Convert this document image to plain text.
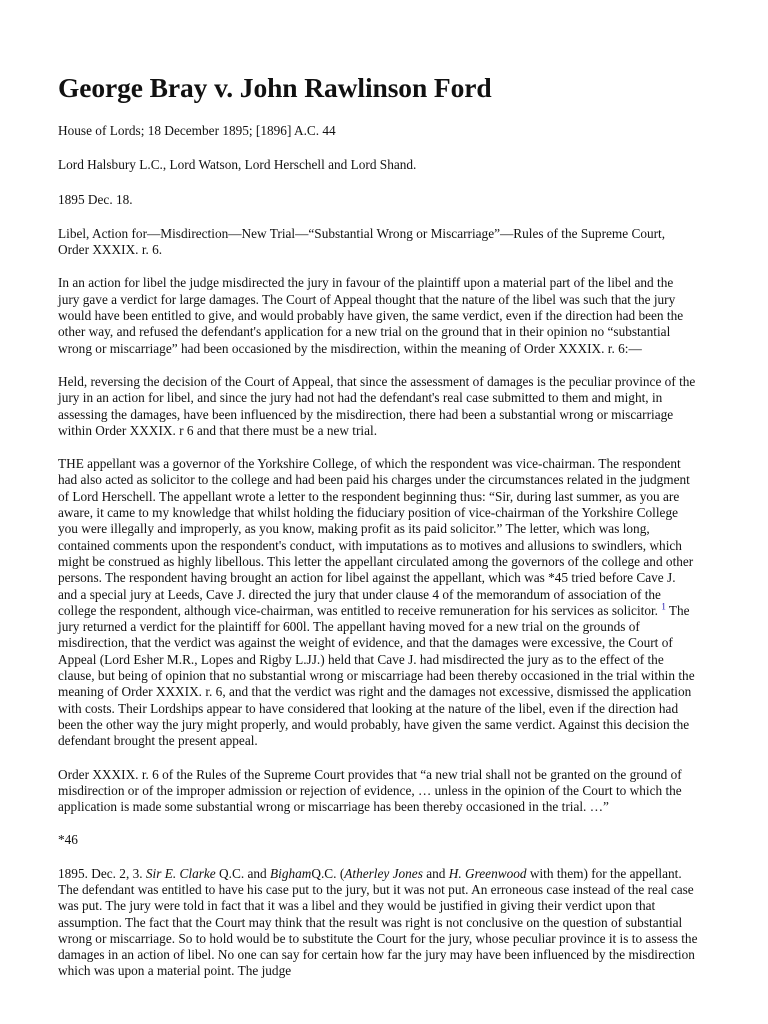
George Bray v. John Rawlinson Ford

House of Lords; 18 December 1895; [1896] A.C. 44

Lord Halsbury L.C., Lord Watson, Lord Herschell and Lord Shand.

1895 Dec. 18.

Libel, Action for—Misdirection—New Trial—“Substantial Wrong or Miscarriage”—Rules of the Supreme Court, Order XXXIX. r. 6.

In an action for libel the judge misdirected the jury in favour of the plaintiff upon a material part of the libel and the jury gave a verdict for large damages. The Court of Appeal thought that the nature of the libel was such that the jury would have been entitled to give, and would probably have given, the same verdict, even if the direction had been the other way, and refused the defendant's application for a new trial on the ground that in their opinion no “substantial wrong or miscarriage” had been occasioned by the misdirection, within the meaning of Order XXXIX. r. 6:—

Held, reversing the decision of the Court of Appeal, that since the assessment of damages is the peculiar province of the jury in an action for libel, and since the jury had not had the defendant's real case submitted to them and might, in assessing the damages, have been influenced by the misdirection, there had been a substantial wrong or miscarriage within Order XXXIX. r 6 and that there must be a new trial.

THE appellant was a governor of the Yorkshire College, of which the respondent was vice-chairman. The respondent had also acted as solicitor to the college and had been paid his charges under the circumstances related in the judgment of Lord Herschell. The appellant wrote a letter to the respondent beginning thus: “Sir, during last summer, as you are aware, it came to my knowledge that whilst holding the fiduciary position of vice-chairman of the Yorkshire College you were illegally and improperly, as you know, making profit as its paid solicitor.” The letter, which was long, contained comments upon the respondent's conduct, with imputations as to motives and allusions to swindlers, which might be construed as highly libellous. This letter the appellant circulated among the governors of the college and other persons. The respondent having brought an action for libel against the appellant, which was *45 tried before Cave J. and a special jury at Leeds, Cave J. directed the jury that under clause 4 of the memorandum of association of the college the respondent, although vice-chairman, was entitled to receive remuneration for his services as solicitor. $^1$ The jury returned a verdict for the plaintiff for 600l. The appellant having moved for a new trial on the grounds of misdirection, that the verdict was against the weight of evidence, and that the damages were excessive, the Court of Appeal (Lord Esher M.R., Lopes and Rigby L.JJ.) held that Cave J. had misdirected the jury as to the effect of the clause, but being of opinion that no substantial wrong or miscarriage had been thereby occasioned in the trial within the meaning of Order XXXIX. r. 6, and that the verdict was right and the damages not excessive, dismissed the application with costs. Their Lordships appear to have considered that looking at the nature of the libel, even if the direction had been the other way the jury might properly, and would probably, have given the same verdict. Against this decision the defendant brought the present appeal.

Order XXXIX. r. 6 of the Rules of the Supreme Court provides that “a new trial shall not be granted on the ground of misdirection or of the improper admission or rejection of evidence, … unless in the opinion of the Court to which the application is made some substantial wrong or miscarriage has been thereby occasioned in the trial. …”

*46

1895. Dec. 2, 3. Sir E. Clarke Q.C. and BighamQ.C. (Atherley Jones and H. Greenwood with them) for the appellant. The defendant was entitled to have his case put to the jury, but it was not put. An erroneous case instead of the real case was put. The jury were told in fact that it was a libel and they would be justified in giving their verdict upon that assumption. The fact that the Court may think that the result was right is not conclusive on the question of substantial wrong or miscarriage. So to hold would be to substitute the Court for the jury, whose peculiar province it is to assess the damages in an action of libel. No one can say for certain how far the jury may have been influenced by the misdirection which was upon a material point. The judge
